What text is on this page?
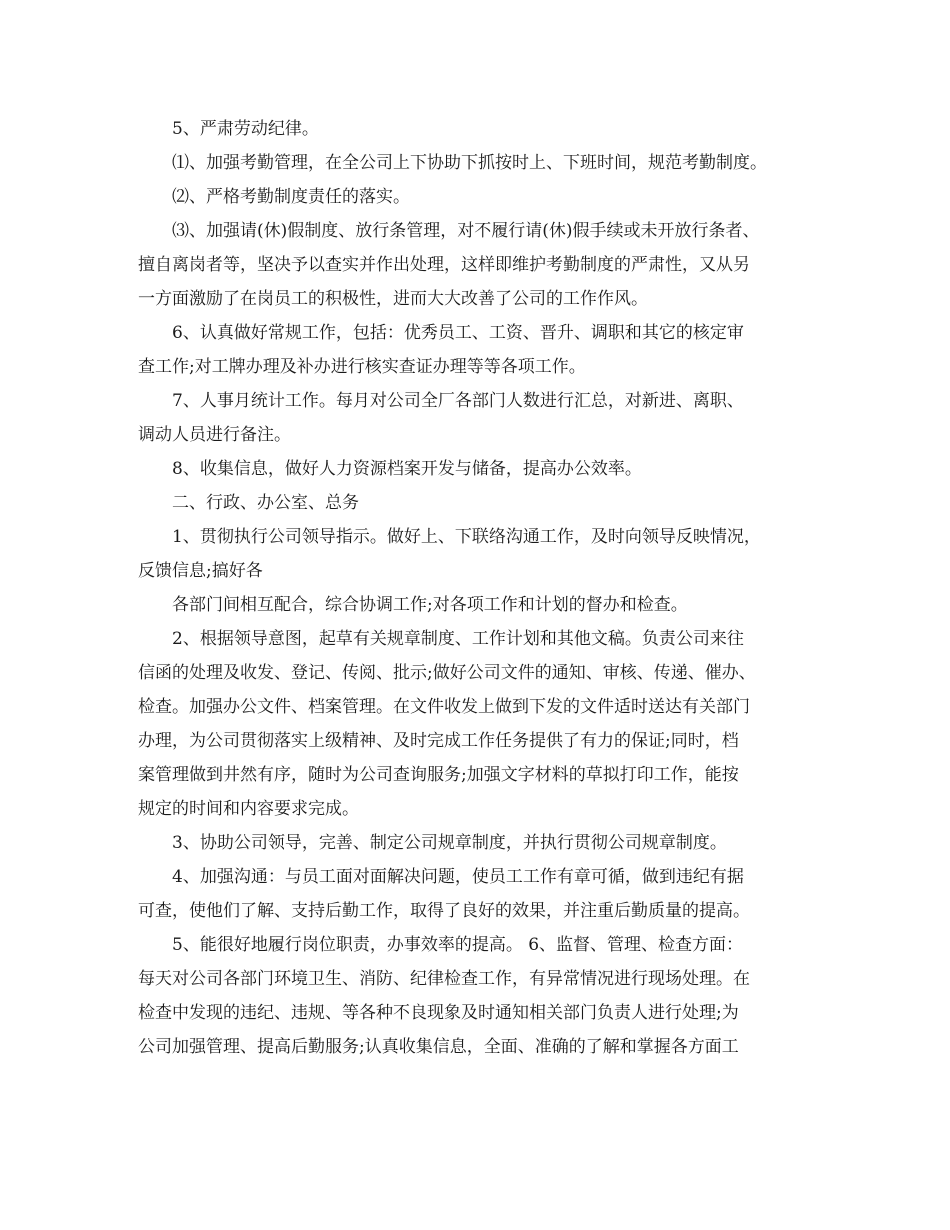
5、严肃劳动纪律。
⑴、加强考勤管理，在全公司上下协助下抓按时上、下班时间，规范考勤制度。
⑵、严格考勤制度责任的落实。
⑶、加强请(休)假制度、放行条管理，对不履行请(休)假手续或未开放行条者、
擅自离岗者等，坚决予以查实并作出处理，这样即维护考勤制度的严肃性，又从另
一方面激励了在岗员工的积极性，进而大大改善了公司的工作作风。
6、认真做好常规工作，包括：优秀员工、工资、晋升、调职和其它的核定审
查工作;对工牌办理及补办进行核实查证办理等等各项工作。
7、人事月统计工作。每月对公司全厂各部门人数进行汇总，对新进、离职、
调动人员进行备注。
8、收集信息，做好人力资源档案开发与储备，提高办公效率。
二、行政、办公室、总务
1、贯彻执行公司领导指示。做好上、下联络沟通工作，及时向领导反映情况，
反馈信息;搞好各
各部门间相互配合，综合协调工作;对各项工作和计划的督办和检查。
2、根据领导意图，起草有关规章制度、工作计划和其他文稿。负责公司来往
信函的处理及收发、登记、传阅、批示;做好公司文件的通知、审核、传递、催办、
检查。加强办公文件、档案管理。在文件收发上做到下发的文件适时送达有关部门
办理，为公司贯彻落实上级精神、及时完成工作任务提供了有力的保证;同时，档
案管理做到井然有序，随时为公司查询服务;加强文字材料的草拟打印工作，能按
规定的时间和内容要求完成。
3、协助公司领导，完善、制定公司规章制度，并执行贯彻公司规章制度。
4、加强沟通：与员工面对面解决问题，使员工工作有章可循，做到违纪有据
可查，使他们了解、支持后勤工作，取得了良好的效果，并注重后勤质量的提高。
5、能很好地履行岗位职责，办事效率的提高。 6、监督、管理、检查方面：
每天对公司各部门环境卫生、消防、纪律检查工作，有异常情况进行现场处理。在
检查中发现的违纪、违规、等各种不良现象及时通知相关部门负责人进行处理;为
公司加强管理、提高后勤服务;认真收集信息，全面、准确的了解和掌握各方面工
